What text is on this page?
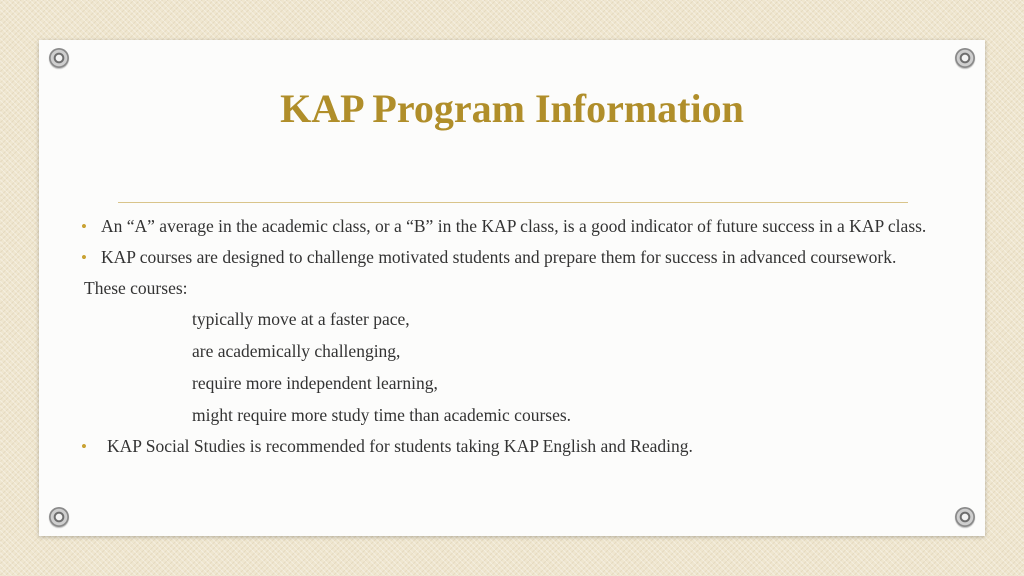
KAP Program Information
• An “A” average in the academic class, or a “B” in the KAP class, is a good indicator of future success in a KAP class.
• KAP courses are designed to challenge motivated students and prepare them for success in advanced coursework.
These courses:
typically move at a faster pace,
are academically challenging,
require more independent learning,
might require more study time than academic courses.
• KAP Social Studies is recommended for students taking KAP English and Reading.
